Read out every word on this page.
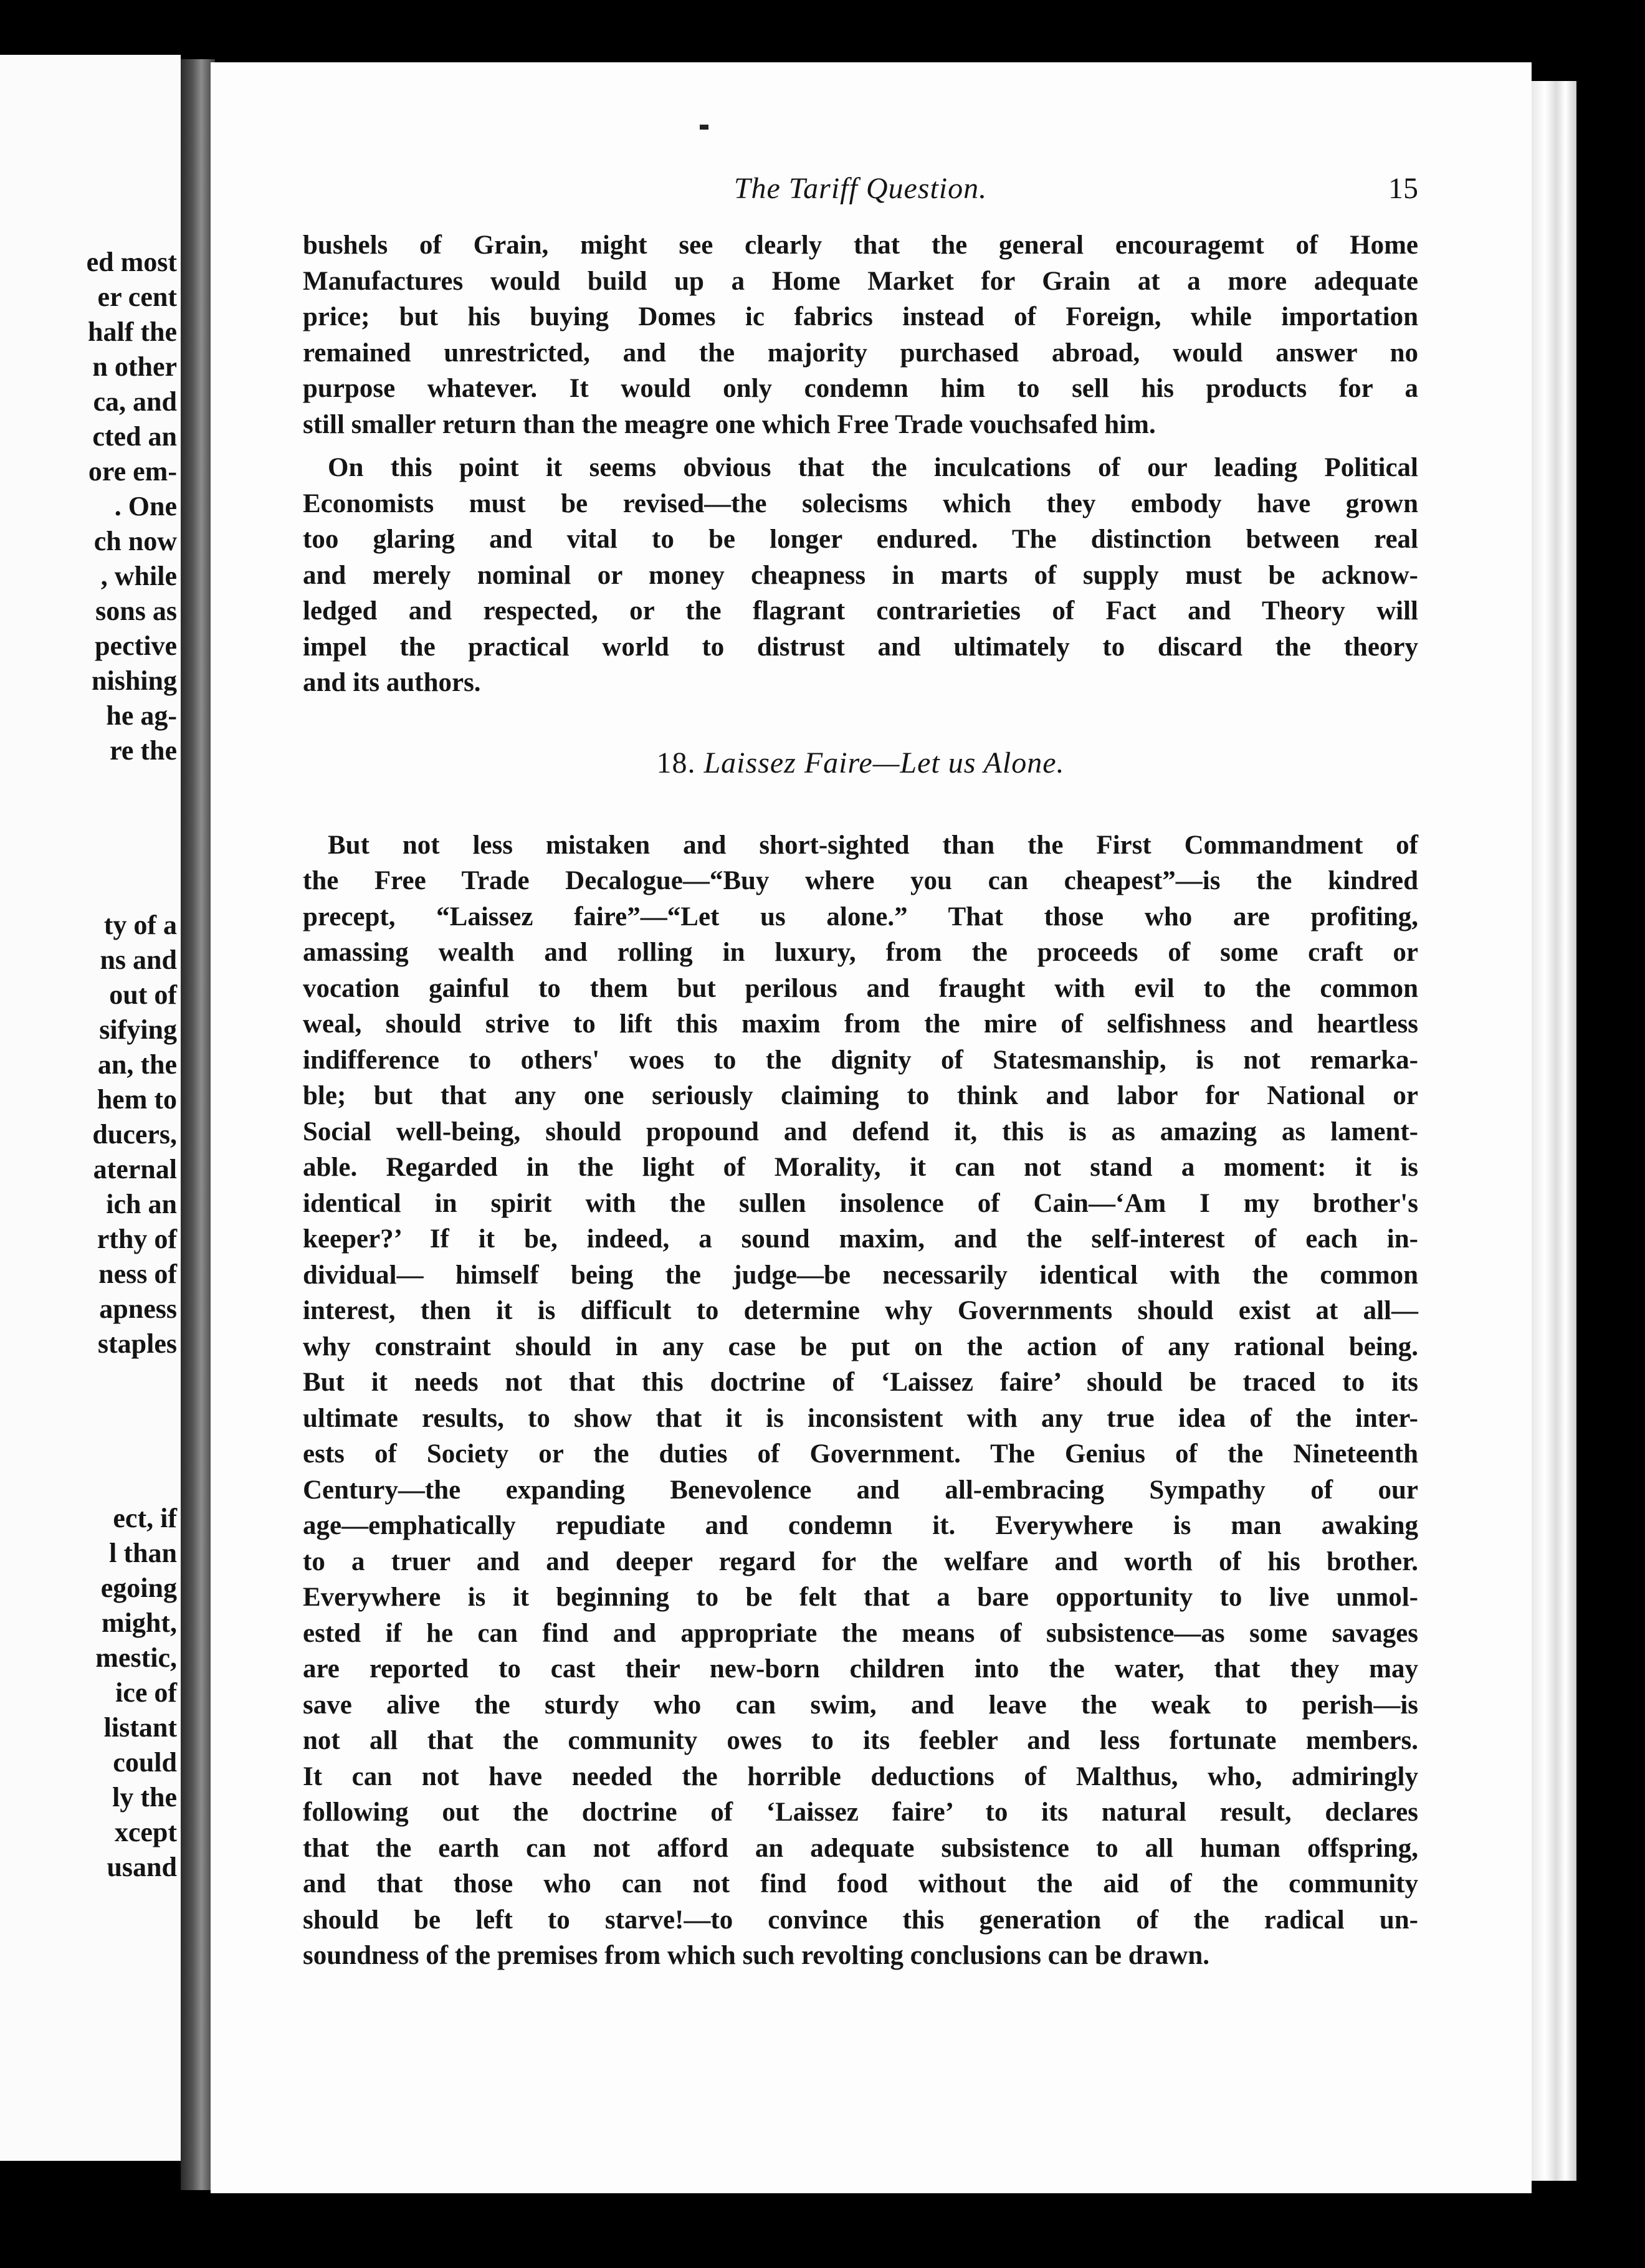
ed most
er cent
half the
n other
ca, and
cted an
ore em-
. One
ch now
, while
sons as
pective
nishing
he ag-
re the
ty of a
ns and
out of
sifying
an, the
hem to
ducers,
aternal
ich an
rthy of
ness of
apness
staples
ect, if
l than
egoing
might,
mestic,
ice of
listant
could
ly the
xcept
usand
The Tariff Question.	15

bushels of Grain, might see clearly that the general encouragemt of Home
Manufactures would build up a Home Market for Grain at a more adequate
price; but his buying Domes ic fabrics instead of Foreign, while importation
remained unrestricted, and the majority purchased abroad, would answer no
purpose whatever. It would only condemn him to sell his products for a
still smaller return than the meagre one which Free Trade vouchsafed him.

On this point it seems obvious that the inculcations of our leading Political
Economists must be revised—the solecisms which they embody have grown
too glaring and vital to be longer endured. The distinction between real
and merely nominal or money cheapness in marts of supply must be acknow-
ledged and respected, or the flagrant contrarieties of Fact and Theory will
impel the practical world to distrust and ultimately to discard the theory
and its authors.

18. Laissez Faire—Let us Alone.

But not less mistaken and short-sighted than the First Commandment of
the Free Trade Decalogue—“Buy where you can cheapest”—is the kindred
precept, “Laissez faire”—“Let us alone.” That those who are profiting,
amassing wealth and rolling in luxury, from the proceeds of some craft or
vocation gainful to them but perilous and fraught with evil to the common
weal, should strive to lift this maxim from the mire of selfishness and heartless
indifference to others' woes to the dignity of Statesmanship, is not remarka-
ble; but that any one seriously claiming to think and labor for National or
Social well-being, should propound and defend it, this is as amazing as lament-
able. Regarded in the light of Morality, it can not stand a moment: it is
identical in spirit with the sullen insolence of Cain—‘Am I my brother's
keeper?’ If it be, indeed, a sound maxim, and the self-interest of each in-
dividual— himself being the judge—be necessarily identical with the common
interest, then it is difficult to determine why Governments should exist at all—
why constraint should in any case be put on the action of any rational being.
But it needs not that this doctrine of ‘Laissez faire’ should be traced to its
ultimate results, to show that it is inconsistent with any true idea of the inter-
ests of Society or the duties of Government. The Genius of the Nineteenth
Century—the expanding Benevolence and all-embracing Sympathy of our
age—emphatically repudiate and condemn it. Everywhere is man awaking
to a truer and and deeper regard for the welfare and worth of his brother.
Everywhere is it beginning to be felt that a bare opportunity to live unmol-
ested if he can find and appropriate the means of subsistence—as some savages
are reported to cast their new-born children into the water, that they may
save alive the sturdy who can swim, and leave the weak to perish—is
not all that the community owes to its feebler and less fortunate members.
It can not have needed the horrible deductions of Malthus, who, admiringly
following out the doctrine of ‘Laissez faire’ to its natural result, declares
that the earth can not afford an adequate subsistence to all human offspring,
and that those who can not find food without the aid of the community
should be left to starve!—to convince this generation of the radical un-
soundness of the premises from which such revolting conclusions can be drawn.
